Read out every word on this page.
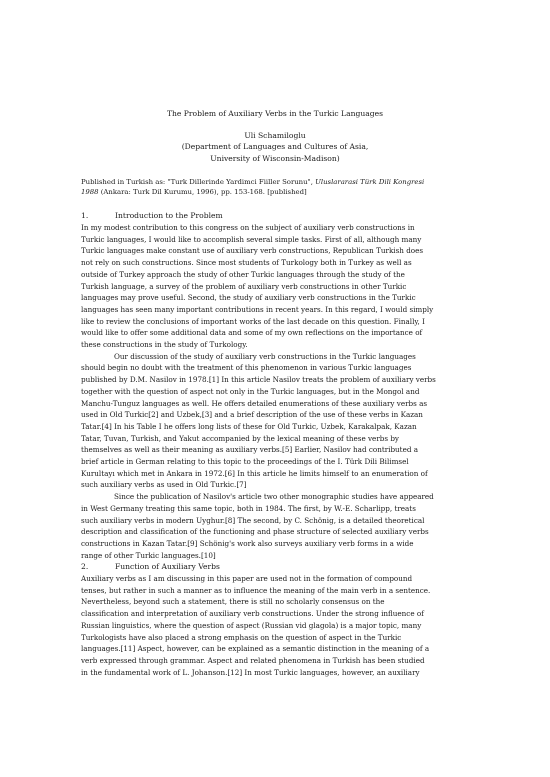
The Problem of Auxiliary Verbs in the Turkic Languages
Uli Schamiloglu
(Department of Languages and Cultures of Asia,
University of Wisconsin-Madison)
Published in Turkish as: "Turk Dillerinde Yardimci Fiiller Sorunu", Uluslararasi Türk Dili Kongresi
1988 (Ankara: Turk Dil Kurumu, 1996), pp. 153-168. [published]
1.	Introduction to the Problem
In my modest contribution to this congress on the subject of auxiliary verb constructions in
Turkic languages, I would like to accomplish several simple tasks. First of all, although many
Turkic languages make constant use of auxiliary verb constructions, Republican Turkish does
not rely on such constructions. Since most students of Turkology both in Turkey as well as
outside of Turkey approach the study of other Turkic languages through the study of the
Turkish language, a survey of the problem of auxiliary verb constructions in other Turkic
languages may prove useful. Second, the study of auxiliary verb constructions in the Turkic
languages has seen many important contributions in recent years. In this regard, I would simply
like to review the conclusions of important works of the last decade on this question. Finally, I
would like to offer some additional data and some of my own reflections on the importance of
these constructions in the study of Turkology.
Our discussion of the study of auxiliary verb constructions in the Turkic languages
should begin no doubt with the treatment of this phenomenon in various Turkic languages
published by D.M. Nasilov in 1978.[1] In this article Nasilov treats the problem of auxiliary verbs
together with the question of aspect not only in the Turkic languages, but in the Mongol and
Manchu-Tunguz languages as well. He offers detailed enumerations of these auxiliary verbs as
used in Old Turkic[2] and Uzbek,[3] and a brief description of the use of these verbs in Kazan
Tatar.[4] In his Table I he offers long lists of these for Old Turkic, Uzbek, Karakalpak, Kazan
Tatar, Tuvan, Turkish, and Yakut accompanied by the lexical meaning of these verbs by
themselves as well as their meaning as auxiliary verbs.[5] Earlier, Nasilov had contributed a
brief article in German relating to this topic to the proceedings of the I. Türk Dili Bilimsel
Kurultayı which met in Ankara in 1972.[6] In this article he limits himself to an enumeration of
such auxiliary verbs as used in Old Turkic.[7]
Since the publication of Nasilov's article two other monographic studies have appeared
in West Germany treating this same topic, both in 1984. The first, by W.-E. Scharlipp, treats
such auxiliary verbs in modern Uyghur.[8] The second, by C. Schönig, is a detailed theoretical
description and classification of the functioning and phase structure of selected auxiliary verbs
constructions in Kazan Tatar.[9] Schönig's work also surveys auxiliary verb forms in a wide
range of other Turkic languages.[10]
2.	Function of Auxiliary Verbs
Auxiliary verbs as I am discussing in this paper are used not in the formation of compound
tenses, but rather in such a manner as to influence the meaning of the main verb in a sentence.
Nevertheless, beyond such a statement, there is still no scholarly consensus on the
classification and interpretation of auxiliary verb constructions. Under the strong influence of
Russian linguistics, where the question of aspect (Russian vid glagola) is a major topic, many
Turkologists have also placed a strong emphasis on the question of aspect in the Turkic
languages.[11] Aspect, however, can be explained as a semantic distinction in the meaning of a
verb expressed through grammar. Aspect and related phenomena in Turkish has been studied
in the fundamental work of L. Johanson.[12] In most Turkic languages, however, an auxiliary
